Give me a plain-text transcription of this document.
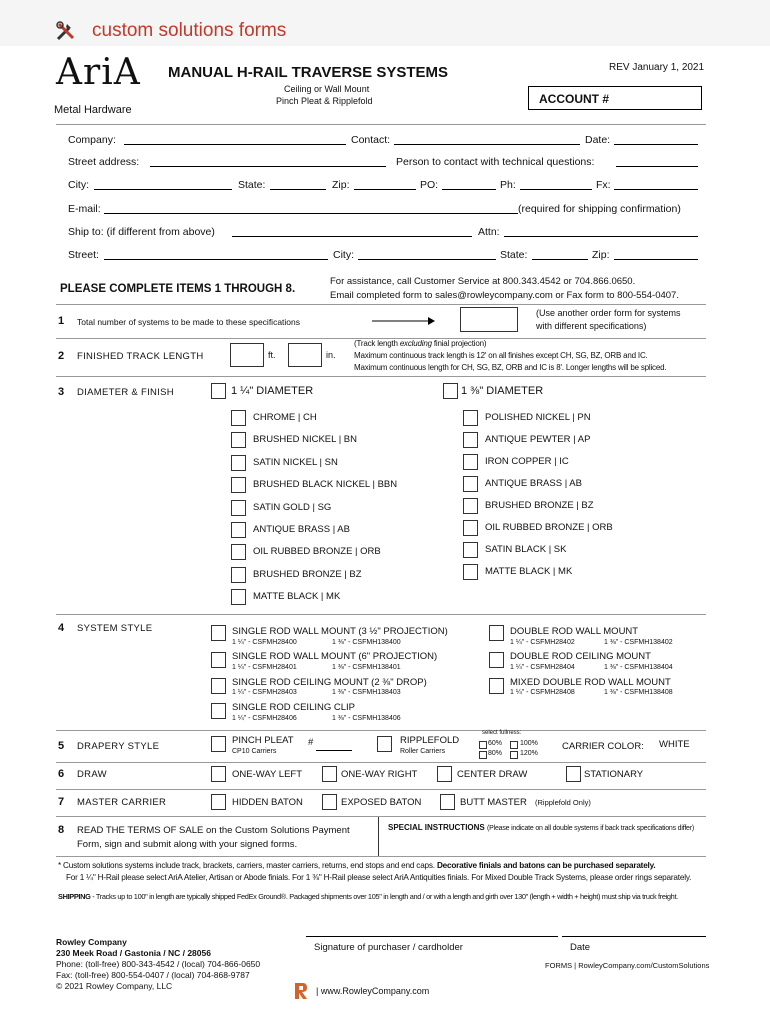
custom solutions forms
AriA
Metal Hardware
MANUAL H-RAIL TRAVERSE SYSTEMS
Ceiling or Wall Mount
Pinch Pleat & Ripplefold
REV January 1, 2021
ACCOUNT #
Company:	Contact:	Date:
Street address:	Person to contact with technical questions:
City:	State:	Zip:	PO:	Ph:	Fx:
E-mail:	(required for shipping confirmation)
Ship to: (if different from above)	Attn:
Street:	City:	State:	Zip:
PLEASE COMPLETE ITEMS 1 THROUGH 8.
For assistance, call Customer Service at 800.343.4542 or 704.866.0650.
Email completed form to sales@rowleycompany.com or Fax form to 800-554-0407.
1 Total number of systems to be made to these specifications
(Use another order form for systems
with different specifications)
2 FINISHED TRACK LENGTH	ft.	in.
(Track length excluding finial projection)
Maximum continuous track length is 12' on all finishes except CH, SG, BZ, ORB and IC.
Maximum continuous length for CH, SG, BZ, ORB and IC is 8'. Longer lengths will be spliced.
3 DIAMETER & FINISH	1 ¼" DIAMETER	1 ⅜" DIAMETER
CHROME | CH
BRUSHED NICKEL | BN
SATIN NICKEL | SN
BRUSHED BLACK NICKEL | BBN
SATIN GOLD | SG
ANTIQUE BRASS | AB
OIL RUBBED BRONZE | ORB
BRUSHED BRONZE | BZ
MATTE BLACK | MK
POLISHED NICKEL | PN
ANTIQUE PEWTER | AP
IRON COPPER | IC
ANTIQUE BRASS | AB
BRUSHED BRONZE | BZ
OIL RUBBED BRONZE | ORB
SATIN BLACK | SK
MATTE BLACK | MK
4 SYSTEM STYLE	SINGLE ROD WALL MOUNT (3 ½" PROJECTION)
1 ¼" - CSFMH28400	1 ⅜" - CSFMH138400
SINGLE ROD WALL MOUNT (6" PROJECTION)
1 ¼" - CSFMH28401	1 ⅜" - CSFMH138401
SINGLE ROD CEILING MOUNT (2 ⅜" DROP)
1 ¼" - CSFMH28403	1 ⅜" - CSFMH138403
SINGLE ROD CEILING CLIP
1 ¼" - CSFMH28406	1 ⅜" - CSFMH138406
DOUBLE ROD WALL MOUNT
1 ¼" - CSFMH28402	1 ⅜" - CSFMH138402
DOUBLE ROD CEILING MOUNT
1 ¼" - CSFMH28404	1 ⅜" - CSFMH138404
MIXED DOUBLE ROD WALL MOUNT
1 ¼" - CSFMH28408	1 ⅜" - CSFMH138408
5 DRAPERY STYLE
PINCH PLEAT #
CP10 Carriers
RIPPLEFOLD
Roller Carriers
select fullness:
60%
80%
100%
120%
CARRIER COLOR: WHITE
6 DRAW	ONE-WAY LEFT	ONE-WAY RIGHT	CENTER DRAW	STATIONARY
7 MASTER CARRIER	HIDDEN BATON	EXPOSED BATON	BUTT MASTER (Ripplefold Only)
8 READ THE TERMS OF SALE on the Custom Solutions Payment
Form, sign and submit along with your signed forms.
SPECIAL INSTRUCTIONS (Please indicate on all double systems if back track specifications differ)
* Custom solutions systems include track, brackets, carriers, master carriers, returns, end stops and end caps. Decorative finials and batons can be purchased separately.
For 1 ¼" H-Rail please select AriA Atelier, Artisan or Abode finials. For 1 ⅜" H-Rail please select AriA Antiquities finials. For Mixed Double Track Systems, please order rings separately.
SHIPPING - Tracks up to 100" in length are typically shipped FedEx Ground®. Packaged shipments over 105" in length and / or with a length and girth over 130" (length + width + height) must ship via truck freight.
Rowley Company
230 Meek Road / Gastonia / NC / 28056
Phone: (toll-free) 800-343-4542 / (local) 704-866-0650
Fax: (toll-free) 800-554-0407 / (local) 704-868-9787
© 2021 Rowley Company, LLC
Signature of purchaser / cardholder	Date
FORMS | RowleyCompany.com/CustomSolutions
| www.RowleyCompany.com
